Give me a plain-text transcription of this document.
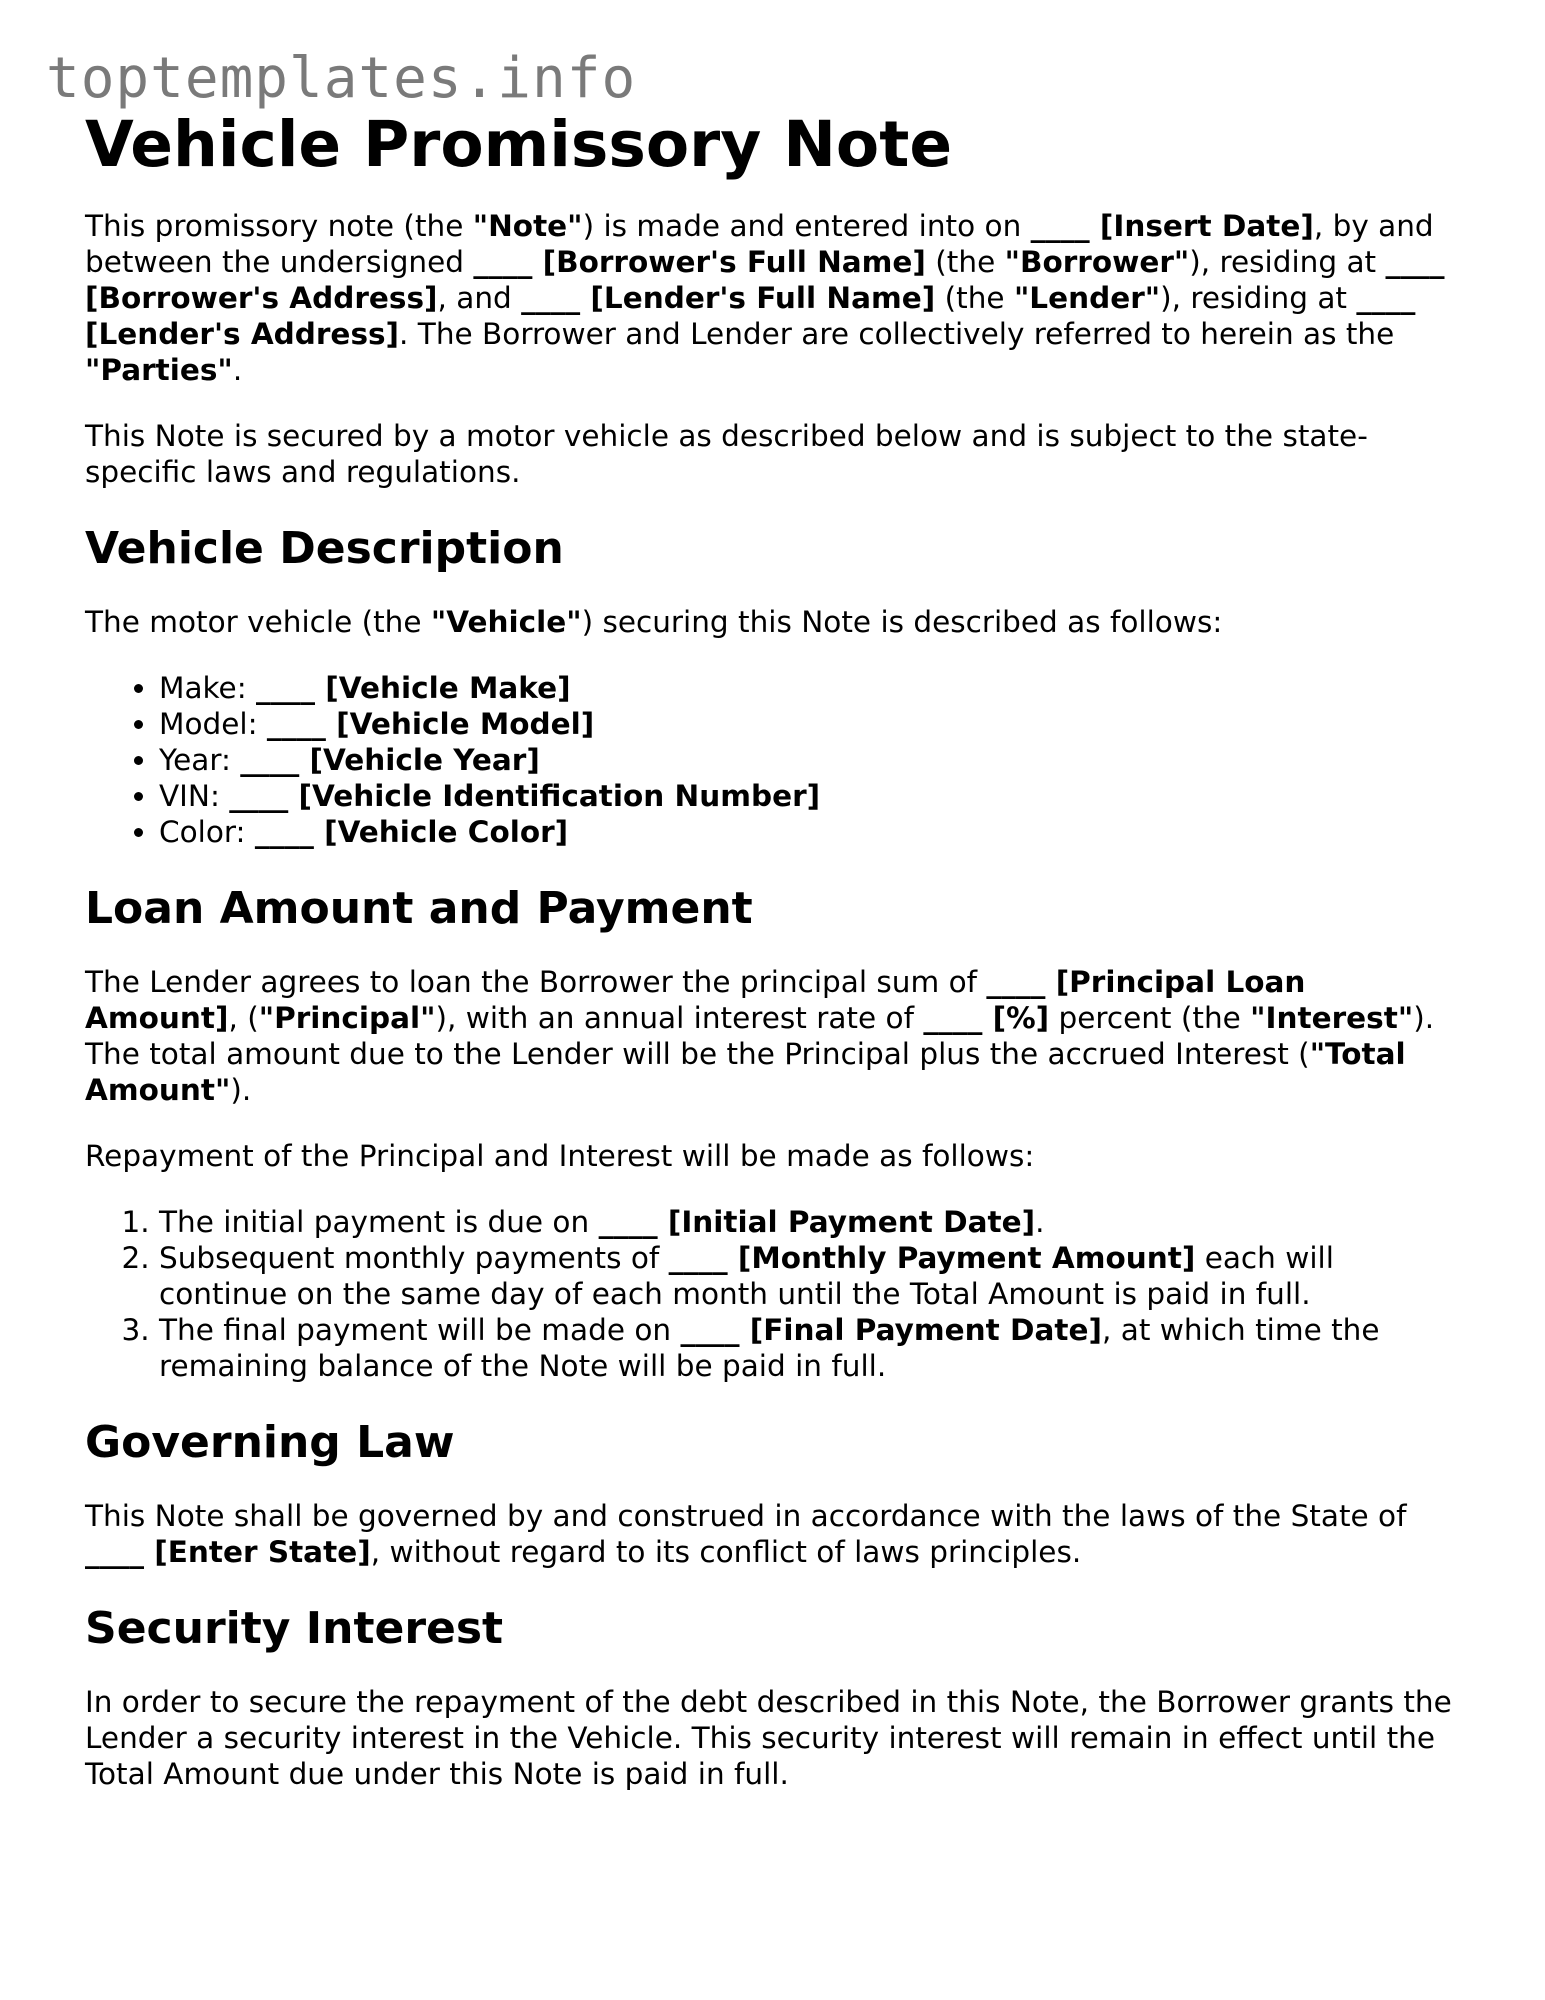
toptemplates.info
Vehicle Promissory Note

This promissory note (the "Note") is made and entered into on ____ [Insert Date], by and between the undersigned ____ [Borrower's Full Name] (the "Borrower"), residing at ____ [Borrower's Address], and ____ [Lender's Full Name] (the "Lender"), residing at ____ [Lender's Address]. The Borrower and Lender are collectively referred to herein as the "Parties".

This Note is secured by a motor vehicle as described below and is subject to the state-specific laws and regulations.

Vehicle Description

The motor vehicle (the "Vehicle") securing this Note is described as follows:

• Make: ____ [Vehicle Make]
• Model: ____ [Vehicle Model]
• Year: ____ [Vehicle Year]
• VIN: ____ [Vehicle Identification Number]
• Color: ____ [Vehicle Color]
Loan Amount and Payment

The Lender agrees to loan the Borrower the principal sum of ____ [Principal Loan Amount], ("Principal"), with an annual interest rate of ____ [%] percent (the "Interest"). The total amount due to the Lender will be the Principal plus the accrued Interest ("Total Amount").

Repayment of the Principal and Interest will be made as follows:

1. The initial payment is due on ____ [Initial Payment Date].
2. Subsequent monthly payments of ____ [Monthly Payment Amount] each will continue on the same day of each month until the Total Amount is paid in full.
3. The final payment will be made on ____ [Final Payment Date], at which time the remaining balance of the Note will be paid in full.
Governing Law

This Note shall be governed by and construed in accordance with the laws of the State of ____ [Enter State], without regard to its conflict of laws principles.

Security Interest

In order to secure the repayment of the debt described in this Note, the Borrower grants the Lender a security interest in the Vehicle. This security interest will remain in effect until the Total Amount due under this Note is paid in full.
